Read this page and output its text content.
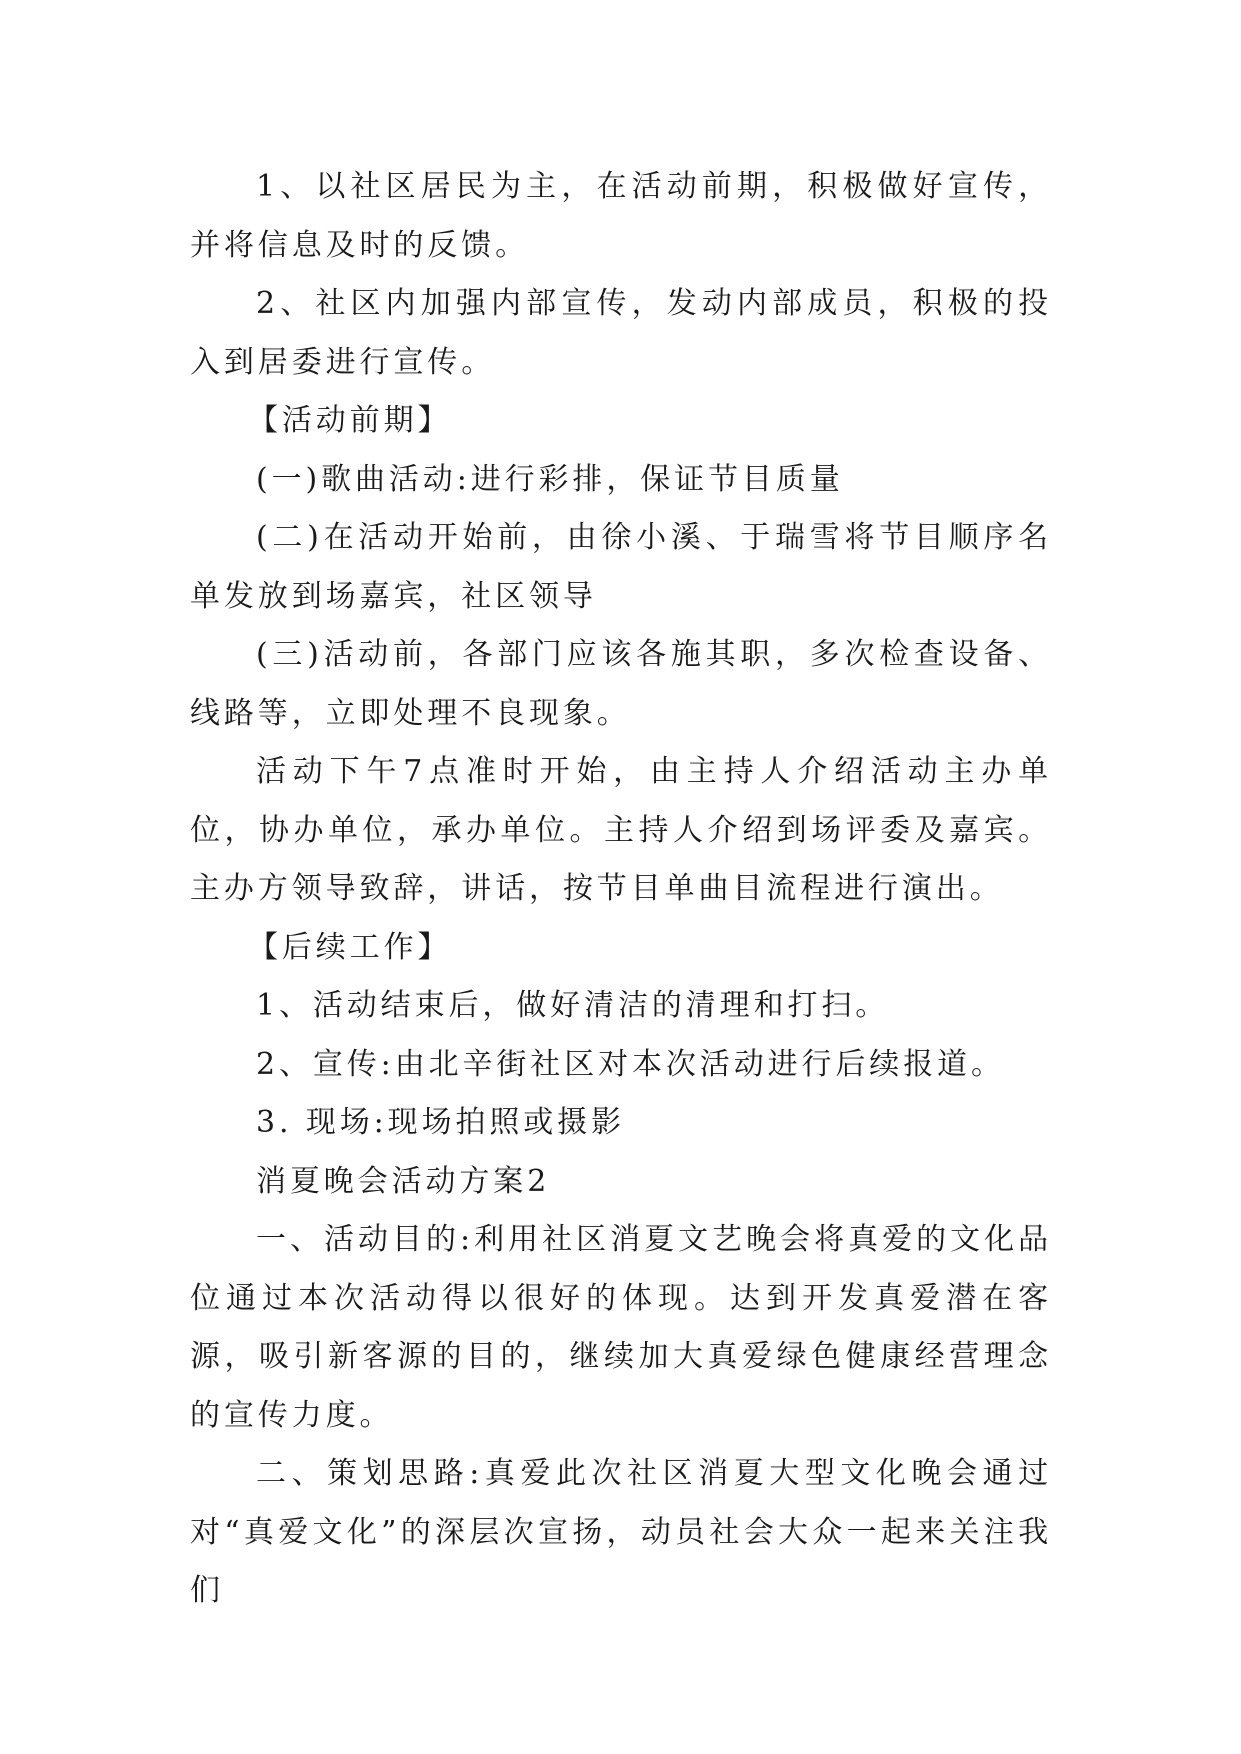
1、以社区居民为主，在活动前期，积极做好宣传，并将信息及时的反馈。

2、社区内加强内部宣传，发动内部成员，积极的投入到居委进行宣传。

【活动前期】

(一)歌曲活动:进行彩排，保证节目质量

(二)在活动开始前，由徐小溪、于瑞雪将节目顺序名单发放到场嘉宾，社区领导

(三)活动前，各部门应该各施其职，多次检查设备、线路等，立即处理不良现象。

活动下午7点准时开始，由主持人介绍活动主办单位，协办单位，承办单位。主持人介绍到场评委及嘉宾。主办方领导致辞，讲话，按节目单曲目流程进行演出。

【后续工作】

1、活动结束后，做好清洁的清理和打扫。

2、宣传:由北辛街社区对本次活动进行后续报道。

3. 现场:现场拍照或摄影

消夏晚会活动方案2

一、活动目的:利用社区消夏文艺晚会将真爱的文化品位通过本次活动得以很好的体现。达到开发真爱潜在客源，吸引新客源的目的，继续加大真爱绿色健康经营理念的宣传力度。

二、策划思路:真爱此次社区消夏大型文化晚会通过对“真爱文化”的深层次宣扬，动员社会大众一起来关注我们
